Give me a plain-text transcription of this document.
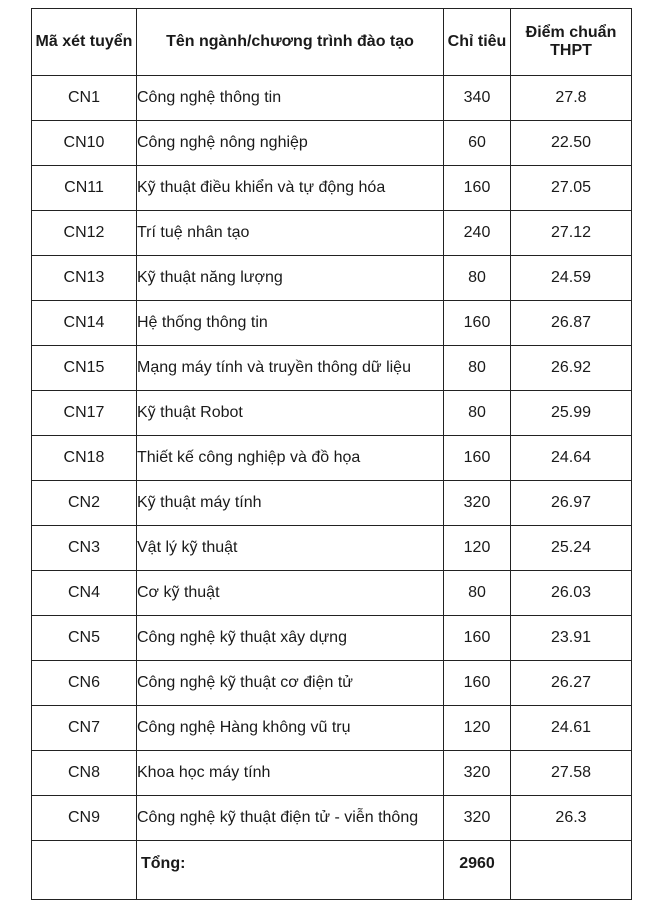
Mã xét tuyển	Tên ngành/chương trình đào tạo	Chỉ tiêu	Điểm chuẩn THPT
CN1	Công nghệ thông tin	340	27.8
CN10	Công nghệ nông nghiệp	60	22.50
CN11	Kỹ thuật điều khiển và tự động hóa	160	27.05
CN12	Trí tuệ nhân tạo	240	27.12
CN13	Kỹ thuật năng lượng	80	24.59
CN14	Hệ thống thông tin	160	26.87
CN15	Mạng máy tính và truyền thông dữ liệu	80	26.92
CN17	Kỹ thuật Robot	80	25.99
CN18	Thiết kế công nghiệp và đồ họa	160	24.64
CN2	Kỹ thuật máy tính	320	26.97
CN3	Vật lý kỹ thuật	120	25.24
CN4	Cơ kỹ thuật	80	26.03
CN5	Công nghệ kỹ thuật xây dựng	160	23.91
CN6	Công nghệ kỹ thuật cơ điện tử	160	26.27
CN7	Công nghệ Hàng không vũ trụ	120	24.61
CN8	Khoa học máy tính	320	27.58
CN9	Công nghệ kỹ thuật điện tử - viễn thông	320	26.3
	Tổng:	2960	
